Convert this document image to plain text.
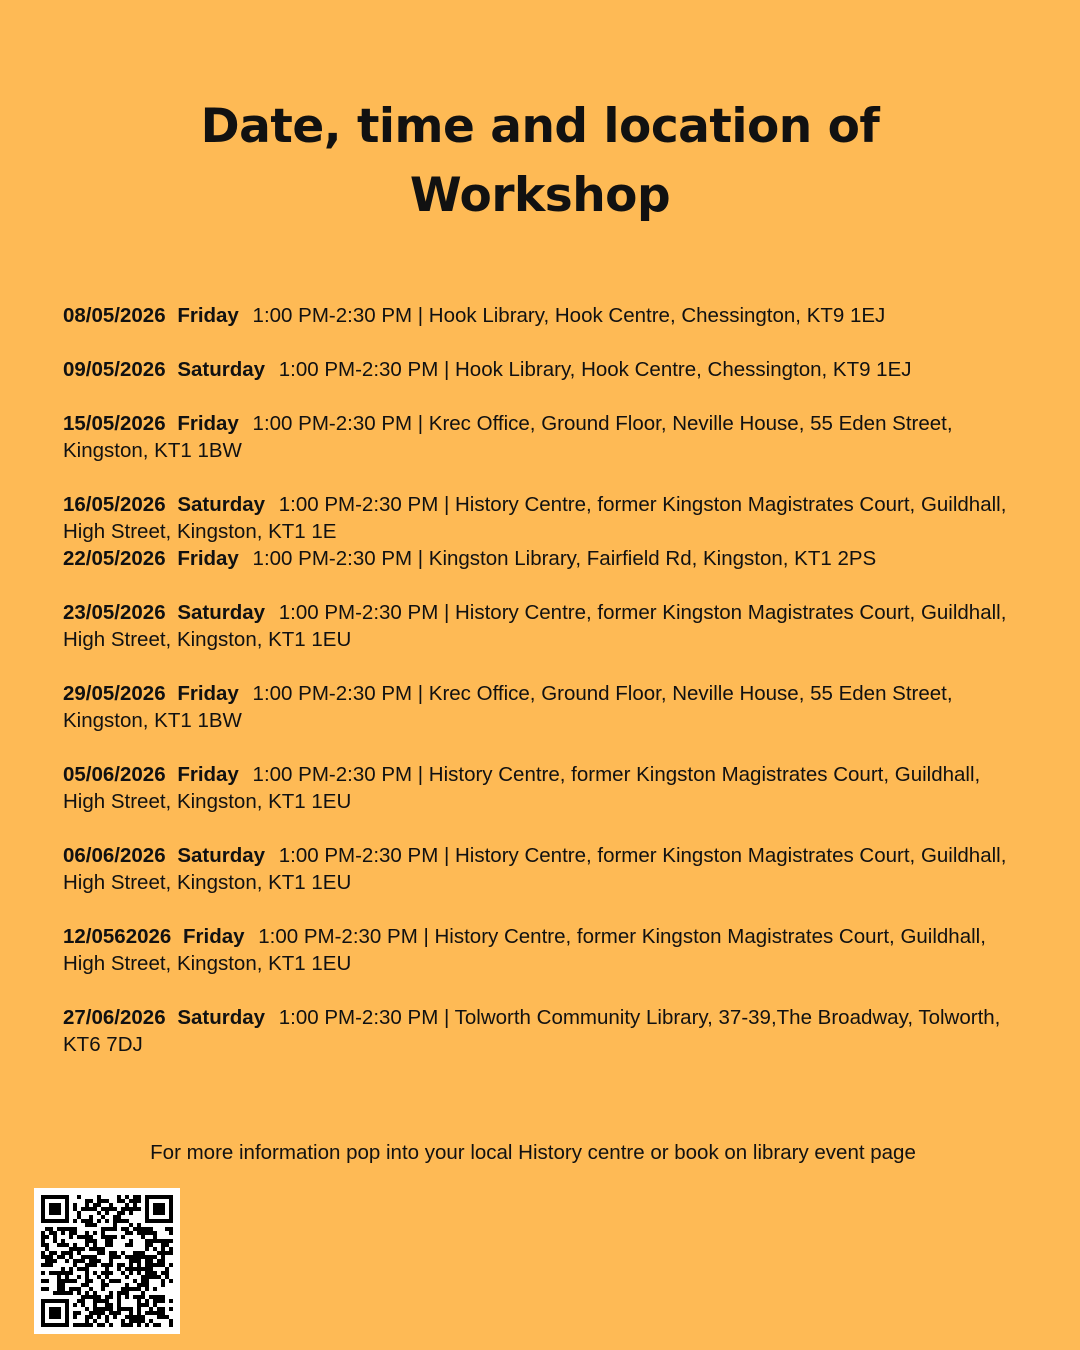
Date, time and location of
Workshop
08/05/2026 Friday 1:00 PM-2:30 PM | Hook Library, Hook Centre, Chessington, KT9 1EJ
09/05/2026 Saturday 1:00 PM-2:30 PM | Hook Library, Hook Centre, Chessington, KT9 1EJ
15/05/2026 Friday 1:00 PM-2:30 PM | Krec Office, Ground Floor, Neville House, 55 Eden Street, Kingston, KT1 1BW
16/05/2026 Saturday 1:00 PM-2:30 PM | History Centre, former Kingston Magistrates Court, Guildhall, High Street, Kingston, KT1 1E
22/05/2026 Friday 1:00 PM-2:30 PM | Kingston Library, Fairfield Rd, Kingston, KT1 2PS
23/05/2026 Saturday 1:00 PM-2:30 PM | History Centre, former Kingston Magistrates Court, Guildhall, High Street, Kingston, KT1 1EU
29/05/2026 Friday 1:00 PM-2:30 PM | Krec Office, Ground Floor, Neville House, 55 Eden Street, Kingston, KT1 1BW
05/06/2026 Friday 1:00 PM-2:30 PM | History Centre, former Kingston Magistrates Court, Guildhall, High Street, Kingston, KT1 1EU
06/06/2026 Saturday 1:00 PM-2:30 PM | History Centre, former Kingston Magistrates Court, Guildhall, High Street, Kingston, KT1 1EU
12/0562026 Friday 1:00 PM-2:30 PM | History Centre, former Kingston Magistrates Court, Guildhall, High Street, Kingston, KT1 1EU
27/06/2026 Saturday 1:00 PM-2:30 PM | Tolworth Community Library, 37-39,The Broadway, Tolworth, KT6 7DJ
For more information pop into your local History centre or book on library event page
